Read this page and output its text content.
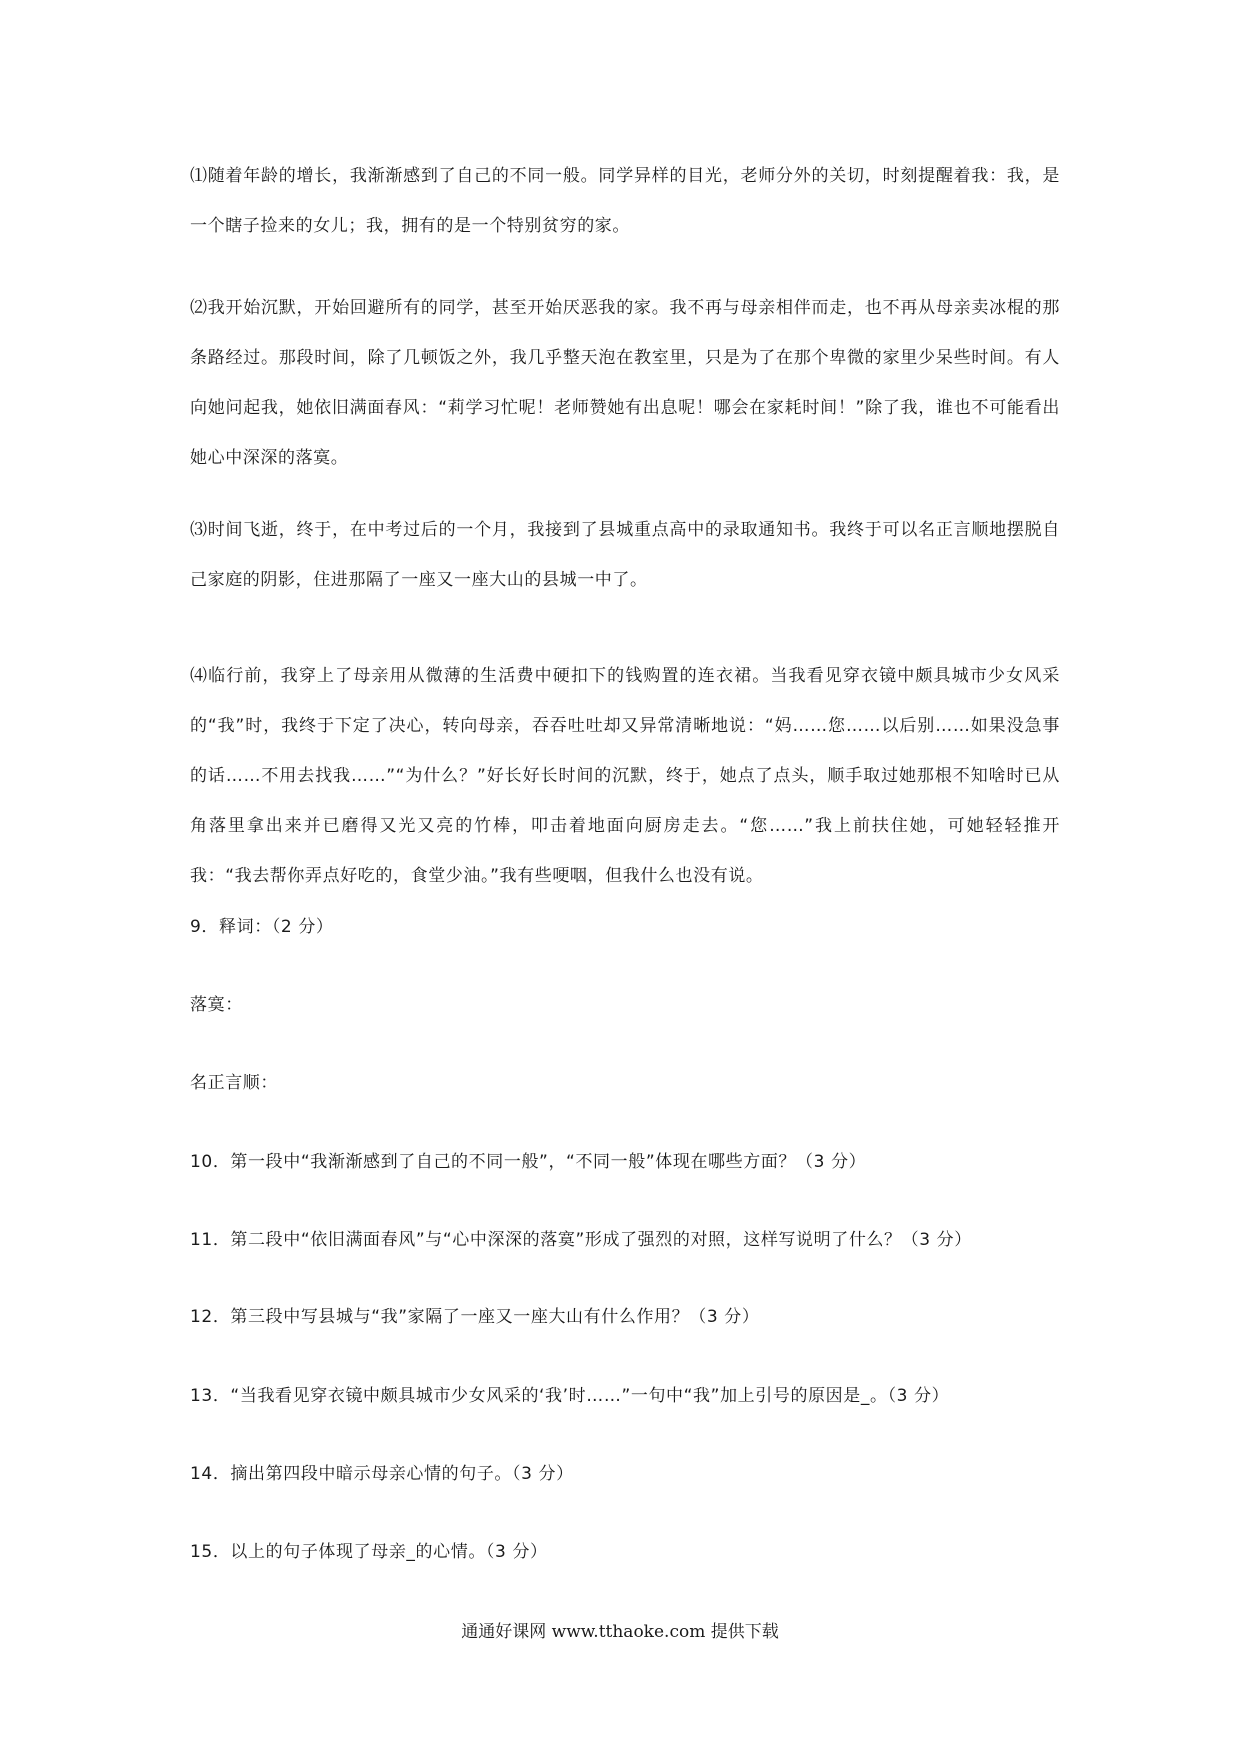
⑴随着年龄的增长，我渐渐感到了自己的不同一般。同学异样的目光，老师分外的关切，时刻提醒着我：我，是一个瞎子捡来的女儿；我，拥有的是一个特别贫穷的家。

⑵我开始沉默，开始回避所有的同学，甚至开始厌恶我的家。我不再与母亲相伴而走，也不再从母亲卖冰棍的那条路经过。那段时间，除了几顿饭之外，我几乎整天泡在教室里，只是为了在那个卑微的家里少呆些时间。有人向她问起我，她依旧满面春风：“莉学习忙呢！老师赞她有出息呢！哪会在家耗时间！”除了我，谁也不可能看出她心中深深的落寞。

⑶时间飞逝，终于，在中考过后的一个月，我接到了县城重点高中的录取通知书。我终于可以名正言顺地摆脱自己家庭的阴影，住进那隔了一座又一座大山的县城一中了。

⑷临行前，我穿上了母亲用从微薄的生活费中硬扣下的钱购置的连衣裙。当我看见穿衣镜中颇具城市少女风采的“我”时，我终于下定了决心，转向母亲，吞吞吐吐却又异常清晰地说：“妈……您……以后别……如果没急事的话……不用去找我……”“为什么？”好长好长时间的沉默，终于，她点了点头，顺手取过她那根不知啥时已从角落里拿出来并已磨得又光又亮的竹棒，叩击着地面向厨房走去。“您……”我上前扶住她，可她轻轻推开我：“我去帮你弄点好吃的，食堂少油。”我有些哽咽，但我什么也没有说。

9．释词：（2 分）

落寞：

名正言顺：

10．第一段中“我渐渐感到了自己的不同一般”，“不同一般”体现在哪些方面？（3 分）

11．第二段中“依旧满面春风”与“心中深深的落寞”形成了强烈的对照，这样写说明了什么？（3 分）

12．第三段中写县城与“我”家隔了一座又一座大山有什么作用？（3 分）

13．“当我看见穿衣镜中颇具城市少女风采的‘我’时……”一句中“我”加上引号的原因是_。（3 分）

14．摘出第四段中暗示母亲心情的句子。（3 分）

15．以上的句子体现了母亲_的心情。（3 分）

通通好课网 www.tthaoke.com 提供下载
